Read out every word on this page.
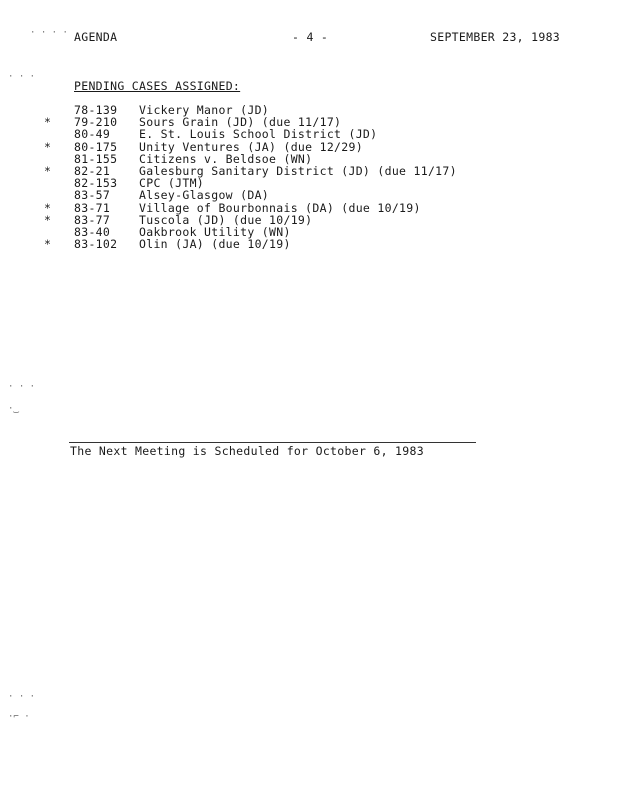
· · · ·
· · ·
· · ·
·‿
· · ·
·⌐ ·
AGENDA	- 4 -	SEPTEMBER 23, 1983
PENDING CASES ASSIGNED:
78-139 Vickery Manor (JD)
*	79-210 Sours Grain (JD) (due 11/17)
80-49	E. St. Louis School District (JD)
*	80-175 Unity Ventures (JA) (due 12/29)
81-155 Citizens v. Beldsoe (WN)
*	82-21	Galesburg Sanitary District (JD) (due 11/17)
82-153 CPC (JTM)
83-57	Alsey-Glasgow (DA)
*	83-71	Village of Bourbonnais (DA) (due 10/19)
*	83-77	Tuscola (JD) (due 10/19)
83-40	Oakbrook Utility (WN)
*	83-102 Olin (JA) (due 10/19)
The Next Meeting is Scheduled for October 6, 1983
